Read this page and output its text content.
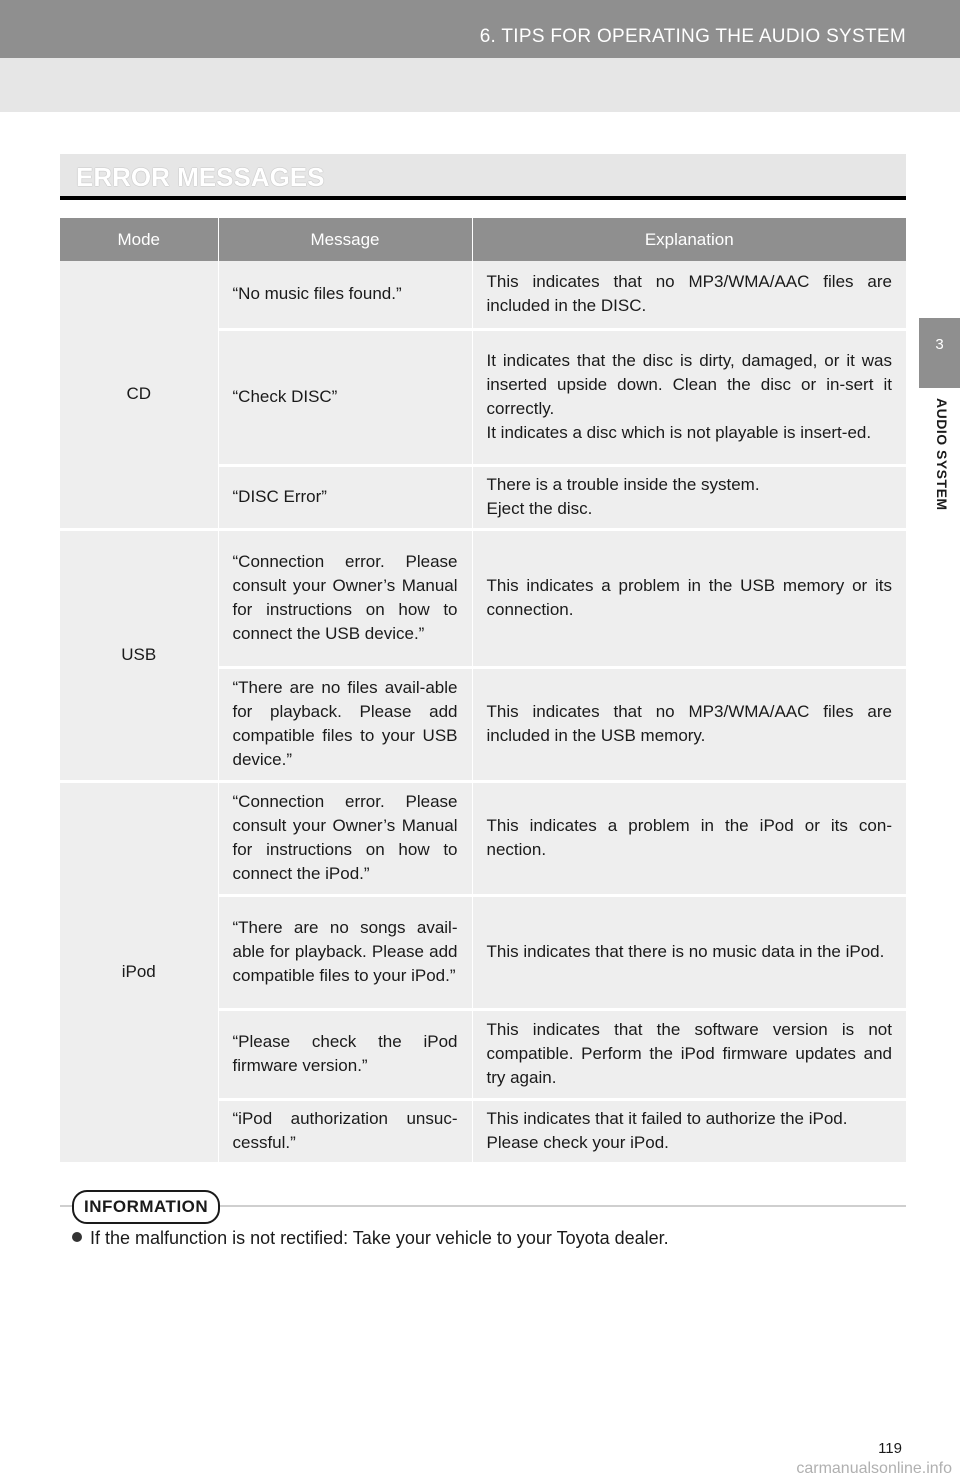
6. TIPS FOR OPERATING THE AUDIO SYSTEM
3
AUDIO SYSTEM
ERROR MESSAGES
Mode	Message	Explanation
CD	“No music files found.”	This indicates that no MP3/WMA/AAC files are included in the DISC.
	“Check DISC”	It indicates that the disc is dirty, damaged, or it was inserted upside down. Clean the disc or in-sert it correctly.
It indicates a disc which is not playable is insert-ed.
	“DISC Error”	There is a trouble inside the system.
Eject the disc.
USB	“Connection error. Please consult your Owner’s Manual for instructions on how to connect the USB device.”	This indicates a problem in the USB memory or its connection.
	“There are no files avail-able for playback. Please add compatible files to your USB device.”	This indicates that no MP3/WMA/AAC files are included in the USB memory.
iPod	“Connection error. Please consult your Owner’s Manual for instructions on how to connect the iPod.”	This indicates a problem in the iPod or its con-nection.
	“There are no songs avail-able for playback. Please add compatible files to your iPod.”	This indicates that there is no music data in the iPod.
	“Please check the iPod firmware version.”	This indicates that the software version is not compatible. Perform the iPod firmware updates and try again.
	“iPod authorization unsuc-cessful.”	This indicates that it failed to authorize the iPod.
Please check your iPod.
INFORMATION
If the malfunction is not rectified: Take your vehicle to your Toyota dealer.
119
carmanualsonline.info
